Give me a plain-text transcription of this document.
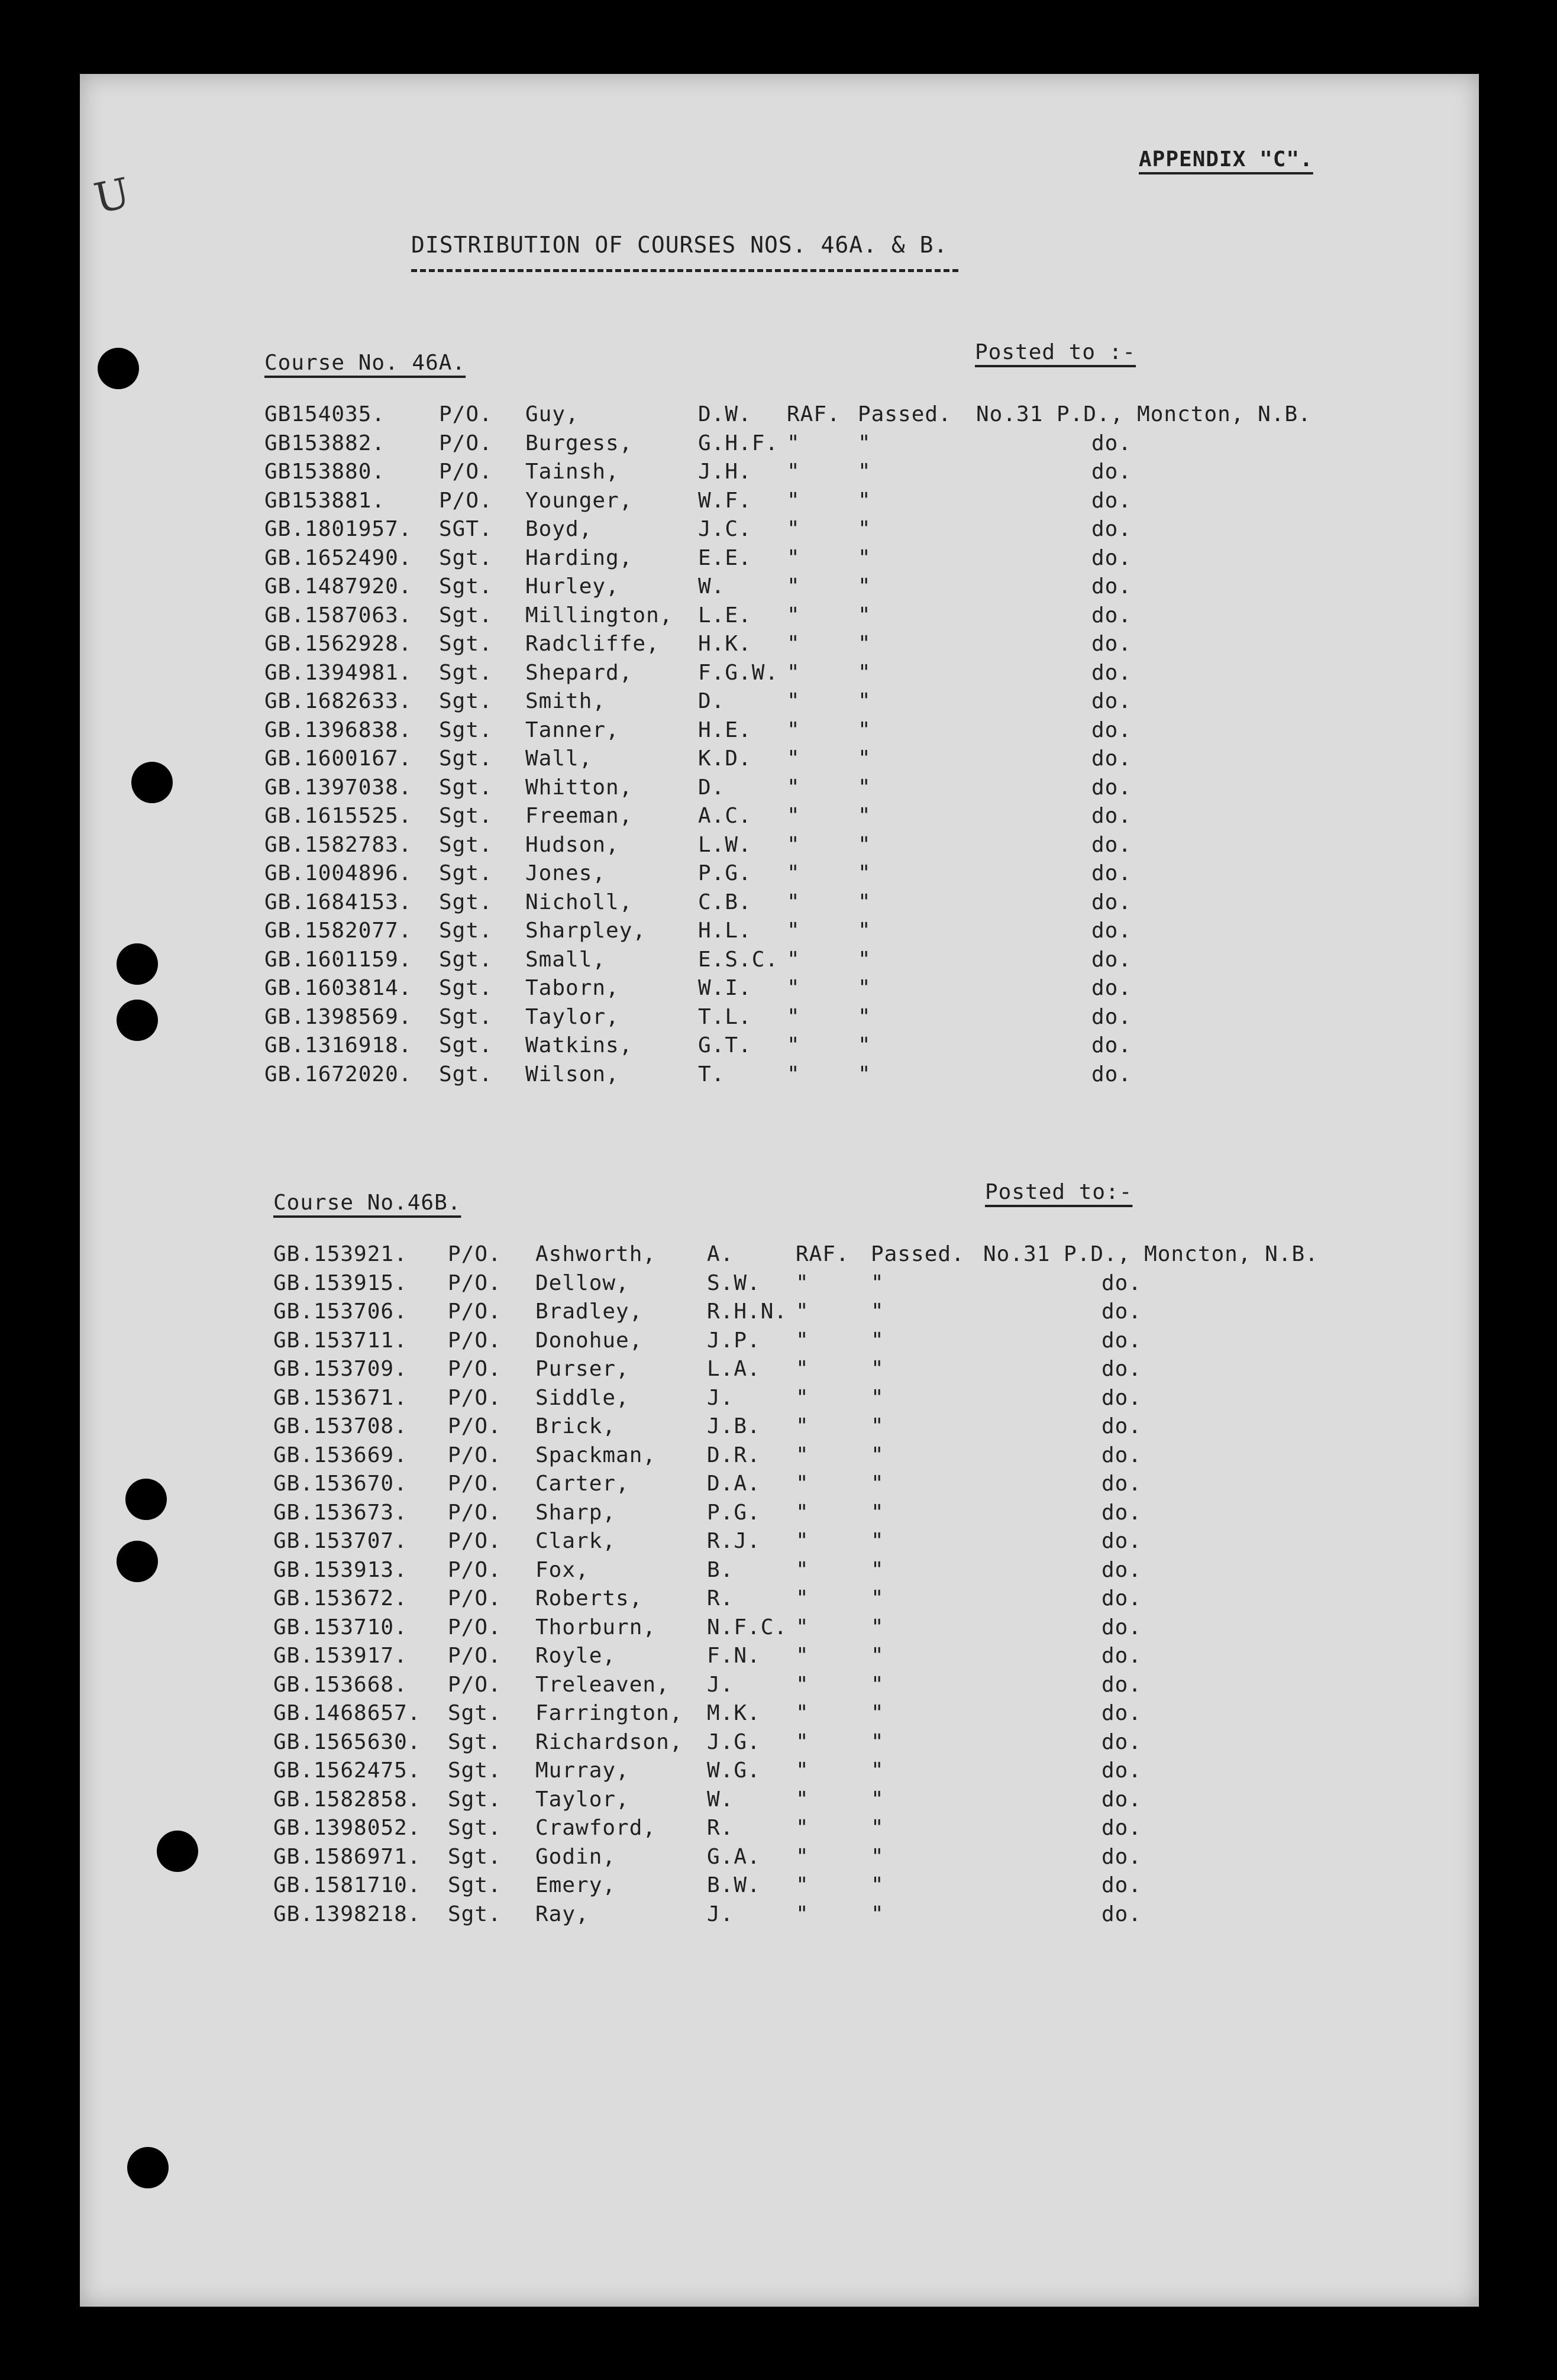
U
APPENDIX "C".
DISTRIBUTION OF COURSES NOS. 46A. & B.
Course No. 46A.	Posted to :-
GB154035.	P/O. Guy,	D.W. RAF. Passed. No.31 P.D., Moncton, N.B.
GB153882.	P/O. Burgess,	G.H.F. "	"	do.
GB153880.	P/O. Tainsh,	J.H. "	"	do.
GB153881.	P/O. Younger,	W.F. "	"	do.
GB.1801957. SGT. Boyd,	J.C. "	"	do.
GB.1652490. Sgt. Harding,	E.E. "	"	do.
GB.1487920. Sgt. Hurley,	W.	"	"	do.
GB.1587063. Sgt. Millington, L.E. "	"	do.
GB.1562928. Sgt. Radcliffe, H.K. "	"	do.
GB.1394981. Sgt. Shepard,	F.G.W. "	"	do.
GB.1682633. Sgt. Smith,	D.	"	"	do.
GB.1396838. Sgt. Tanner,	H.E. "	"	do.
GB.1600167. Sgt. Wall,	K.D. "	"	do.
GB.1397038. Sgt. Whitton,	D.	"	"	do.
GB.1615525. Sgt. Freeman,	A.C. "	"	do.
GB.1582783. Sgt. Hudson,	L.W. "	"	do.
GB.1004896. Sgt. Jones,	P.G. "	"	do.
GB.1684153. Sgt. Nicholl,	C.B. "	"	do.
GB.1582077. Sgt. Sharpley, H.L. "	"	do.
GB.1601159. Sgt. Small,	E.S.C. "	"	do.
GB.1603814. Sgt. Taborn,	W.I. "	"	do.
GB.1398569. Sgt. Taylor,	T.L. "	"	do.
GB.1316918. Sgt. Watkins,	G.T. "	"	do.
GB.1672020. Sgt. Wilson,	T.	"	"	do.
Course No.46B.	Posted to:-
GB.153921. P/O. Ashworth, A.	RAF. Passed. No.31 P.D., Moncton, N.B.
GB.153915. P/O. Dellow,	S.W. "	"	do.
GB.153706. P/O. Bradley,	R.H.N. "	"	do.
GB.153711. P/O. Donohue,	J.P. "	"	do.
GB.153709. P/O. Purser,	L.A. "	"	do.
GB.153671. P/O. Siddle,	J.	"	"	do.
GB.153708. P/O. Brick,	J.B. "	"	do.
GB.153669. P/O. Spackman, D.R. "	"	do.
GB.153670. P/O. Carter,	D.A. "	"	do.
GB.153673. P/O. Sharp,	P.G. "	"	do.
GB.153707. P/O. Clark,	R.J. "	"	do.
GB.153913. P/O. Fox,	B.	"	"	do.
GB.153672. P/O. Roberts,	R.	"	"	do.
GB.153710. P/O. Thorburn, N.F.C. "	"	do.
GB.153917. P/O. Royle,	F.N. "	"	do.
GB.153668. P/O. Treleaven, J.	"	"	do.
GB.1468657. Sgt. Farrington, M.K. "	"	do.
GB.1565630. Sgt. Richardson, J.G. "	"	do.
GB.1562475. Sgt. Murray,	W.G. "	"	do.
GB.1582858. Sgt. Taylor,	W.	"	"	do.
GB.1398052. Sgt. Crawford, R.	"	"	do.
GB.1586971. Sgt. Godin,	G.A. "	"	do.
GB.1581710. Sgt. Emery,	B.W. "	"	do.
GB.1398218. Sgt. Ray,	J.	"	"	do.
